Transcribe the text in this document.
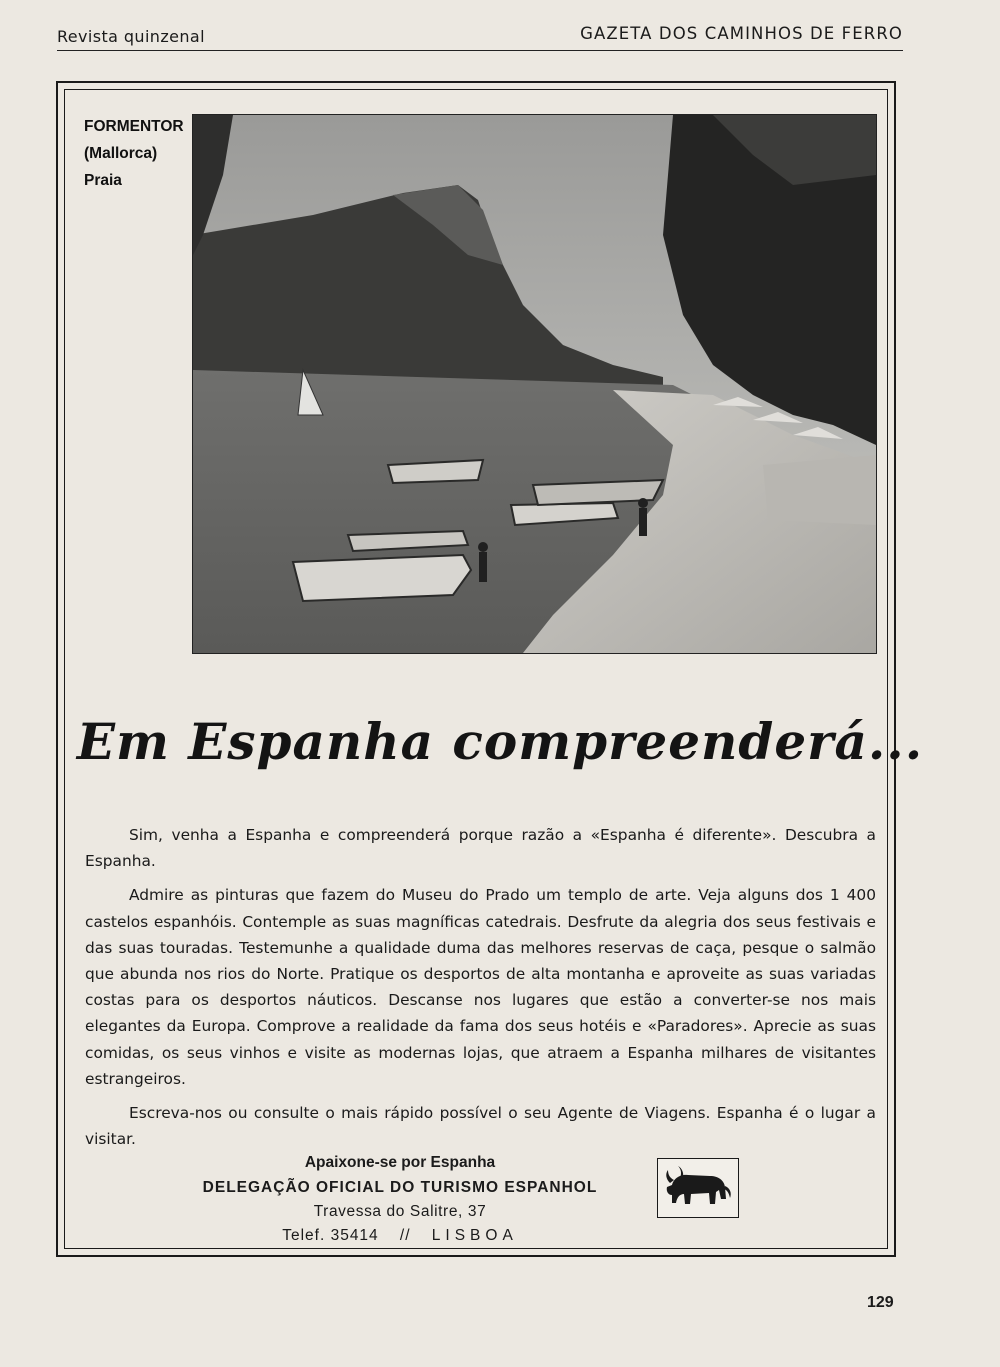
Revista quinzenal	GAZETA DOS CAMINHOS DE FERRO
FORMENTOR
(Mallorca)
Praia
Em Espanha compreenderá...

Sim, venha a Espanha e compreenderá porque razão a «Espanha é diferente». Descubra a Espanha.

Admire as pinturas que fazem do Museu do Prado um templo de arte. Veja alguns dos 1 400 castelos espanhóis. Contemple as suas magníficas catedrais. Desfrute da alegria dos seus festivais e das suas touradas. Testemunhe a qualidade duma das melhores reservas de caça, pesque o salmão que abunda nos rios do Norte. Pratique os desportos de alta montanha e aproveite as suas variadas costas para os desportos náuticos. Descanse nos lugares que estão a converter-se nos mais elegantes da Europa. Comprove a realidade da fama dos seus hotéis e «Paradores». Aprecie as suas comidas, os seus vinhos e visite as modernas lojas, que atraem a Espanha milhares de visitantes estrangeiros.

Escreva-nos ou consulte o mais rápido possível o seu Agente de Viagens. Espanha é o lugar a visitar.

Apaixone-se por Espanha
DELEGAÇÃO OFICIAL DO TURISMO ESPANHOL
Travessa do Salitre, 37
Telef. 35414 // LISBOA
129
